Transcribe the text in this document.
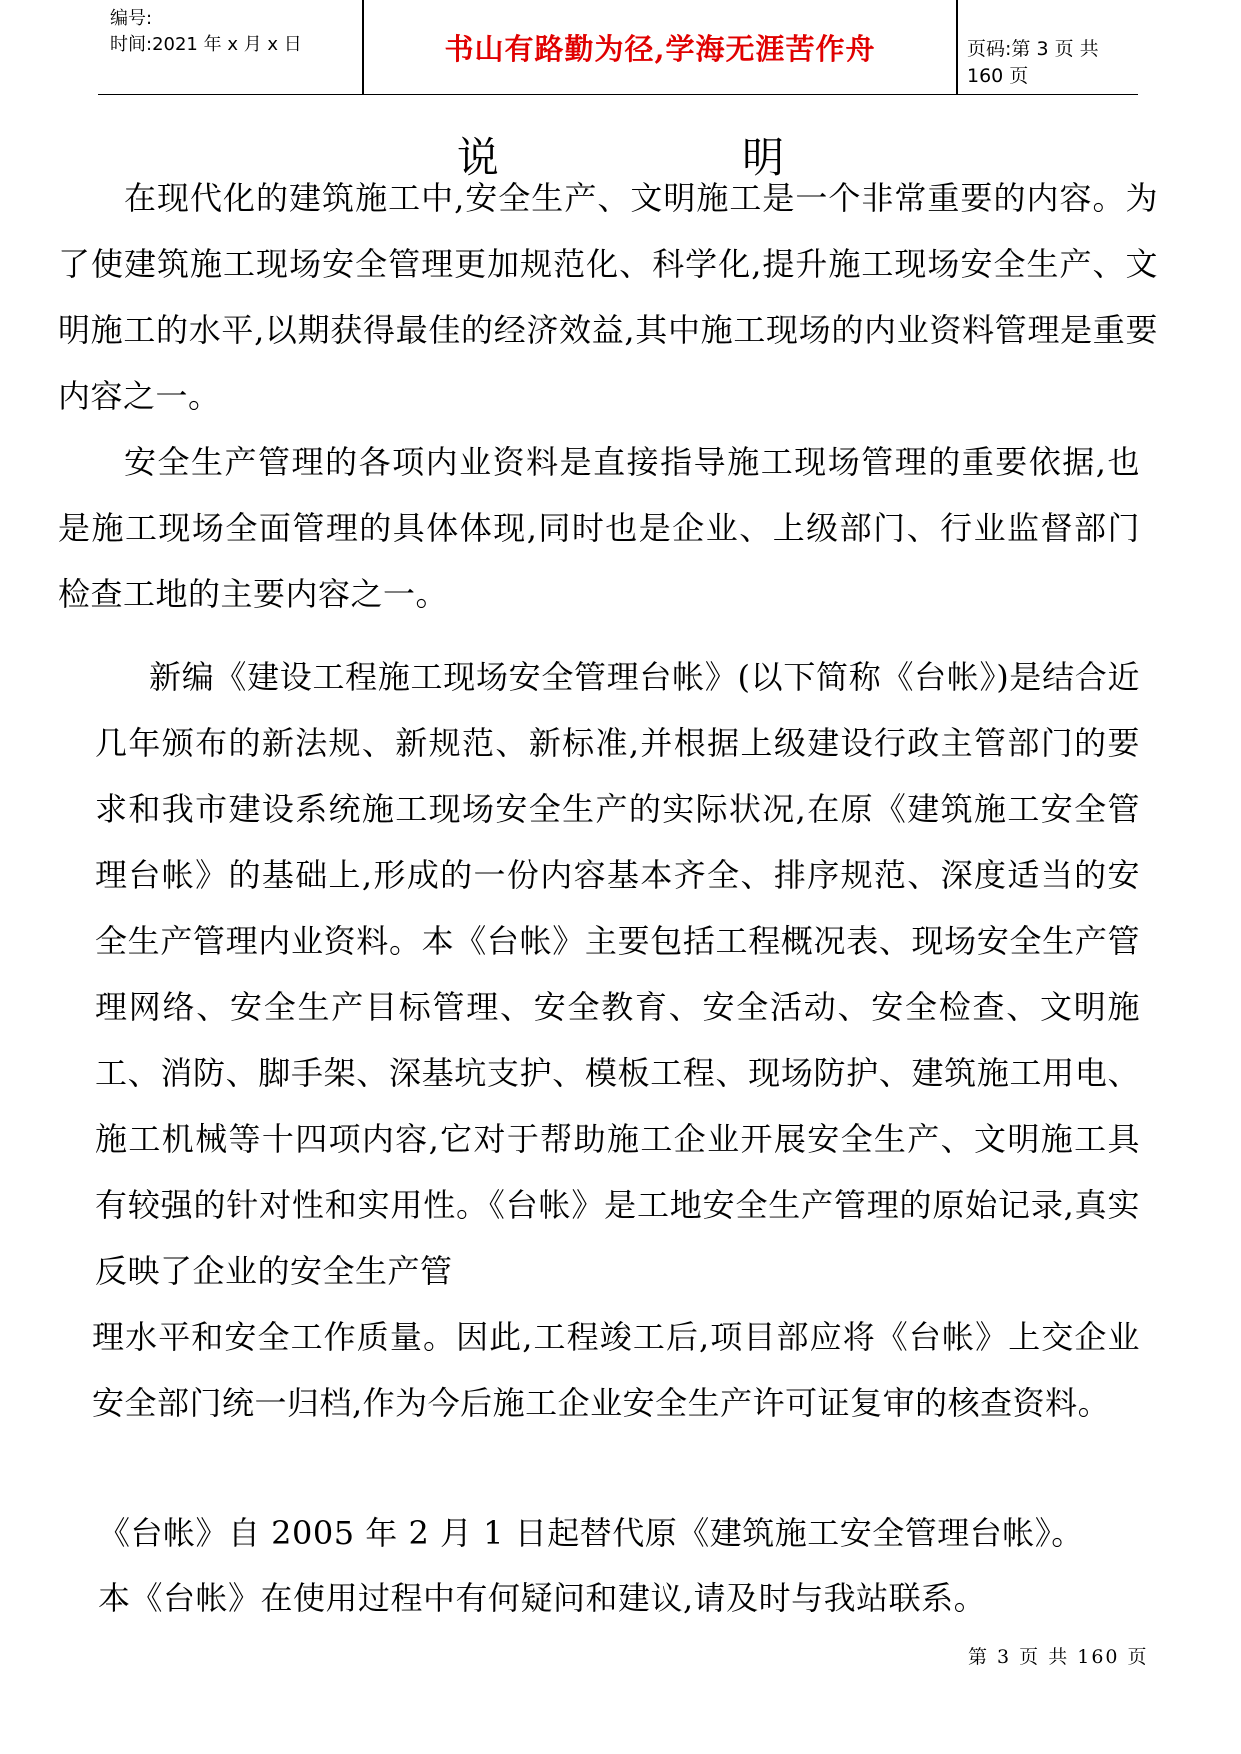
编号:
时间:2021 年 x 月 x 日	书山有路勤为径,学海无涯苦作舟	页码:第 3 页 共 160 页
说 明

在现代化的建筑施工中,安全生产、文明施工是一个非常重要的内容。为了使建筑施工现场安全管理更加规范化、科学化,提升施工现场安全生产、文明施工的水平,以期获得最佳的经济效益,其中施工现场的内业资料管理是重要内容之一。

安全生产管理的各项内业资料是直接指导施工现场管理的重要依据,也是施工现场全面管理的具体体现,同时也是企业、上级部门、行业监督部门检查工地的主要内容之一。

新编《建设工程施工现场安全管理台帐》(以下简称《台帐》)是结合近几年颁布的新法规、新规范、新标准,并根据上级建设行政主管部门的要求和我市建设系统施工现场安全生产的实际状况,在原《建筑施工安全管理台帐》的基础上,形成的一份内容基本齐全、排序规范、深度适当的安全生产管理内业资料。本《台帐》主要包括工程概况表、现场安全生产管理网络、安全生产目标管理、安全教育、安全活动、安全检查、文明施工、消防、脚手架、深基坑支护、模板工程、现场防护、建筑施工用电、施工机械等十四项内容,它对于帮助施工企业开展安全生产、文明施工具有较强的针对性和实用性。《台帐》是工地安全生产管理的原始记录,真实反映了企业的安全生产管

理水平和安全工作质量。因此,工程竣工后,项目部应将《台帐》上交企业安全部门统一归档,作为今后施工企业安全生产许可证复审的核查资料。

《台帐》自 2005 年 2 月 1 日起替代原《建筑施工安全管理台帐》。

本《台帐》在使用过程中有何疑问和建议,请及时与我站联系。

第 3 页 共 160 页
